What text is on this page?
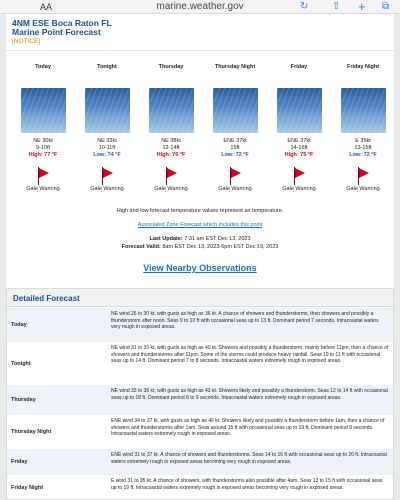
AA	marine.weather.gov	↻ ⇧ + ⧉
4NM ESE Boca Raton FL
Marine Point Forecast
[NOTICE]
Today
NE 30kt
9-10ft
High: 77 °F
Gale Warning
Tonight
NE 33kt
10-11ft
Low: 74 °F
Gale Warning
Thursday
NE 38kt
12-14ft
High: 76 °F
Gale Warning
Thursday Night
ENE 37kt
15ft
Low: 72 °F
Gale Warning
Friday
ENE 37kt
14-16ft
High: 75 °F
Gale Warning
Friday Night
E 35kt
13-15ft
Low: 72 °F
Gale Warning
High and low forecast temperature values represent air temperature.
Associated Zone Forecast which includes this point
Last Update: 7:31 am EST Dec 13, 2023
Forecast Valid: 8am EST Dec 13, 2023-6pm EST Dec 19, 2023
View Nearby Observations
Detailed Forecast
Today
NE wind 26 to 30 kt, with gusts as high as 36 kt. A chance of showers and thunderstorms, then showers and possibly a thunderstorm after noon. Seas 9 to 10 ft with occasional seas up to 13 ft. Dominant period 7 seconds. Intracoastal waters very rough in exposed areas.
Tonight
NE wind 31 to 33 kt, with gusts as high as 40 kt. Showers and possibly a thunderstorm, mainly before 11pm, then a chance of showers and thunderstorms after 11pm. Some of the storms could produce heavy rainfall. Seas 10 to 11 ft with occasional seas up to 14 ft. Dominant period 7 to 8 seconds. Intracoastal waters extremely rough in exposed areas.
Thursday
NE wind 33 to 38 kt, with gusts as high as 43 kt. Showers likely and possibly a thunderstorm. Seas 12 to 14 ft with occasional seas up to 18 ft. Dominant period 8 to 9 seconds. Intracoastal waters extremely rough in exposed areas.
Thursday Night
ENE wind 34 to 37 kt, with gusts as high as 46 kt. Showers likely and possibly a thunderstorm before 1am, then a chance of showers and thunderstorms after 1am. Seas around 15 ft with occasional seas up to 19 ft. Dominant period 9 seconds. Intracoastal waters extremely rough in exposed areas.
Friday
ENE wind 31 to 37 kt. A chance of showers and thunderstorms. Seas 14 to 16 ft with occasional seas up to 20 ft. Intracoastal waters extremely rough in exposed areas becoming very rough in exposed areas.
Friday Night
E wind 31 to 35 kt. A chance of showers, with thunderstorms also possible after 4am. Seas 13 to 15 ft with occasional seas up to 19 ft. Intracoastal waters extremely rough in exposed areas becoming very rough in exposed areas.
